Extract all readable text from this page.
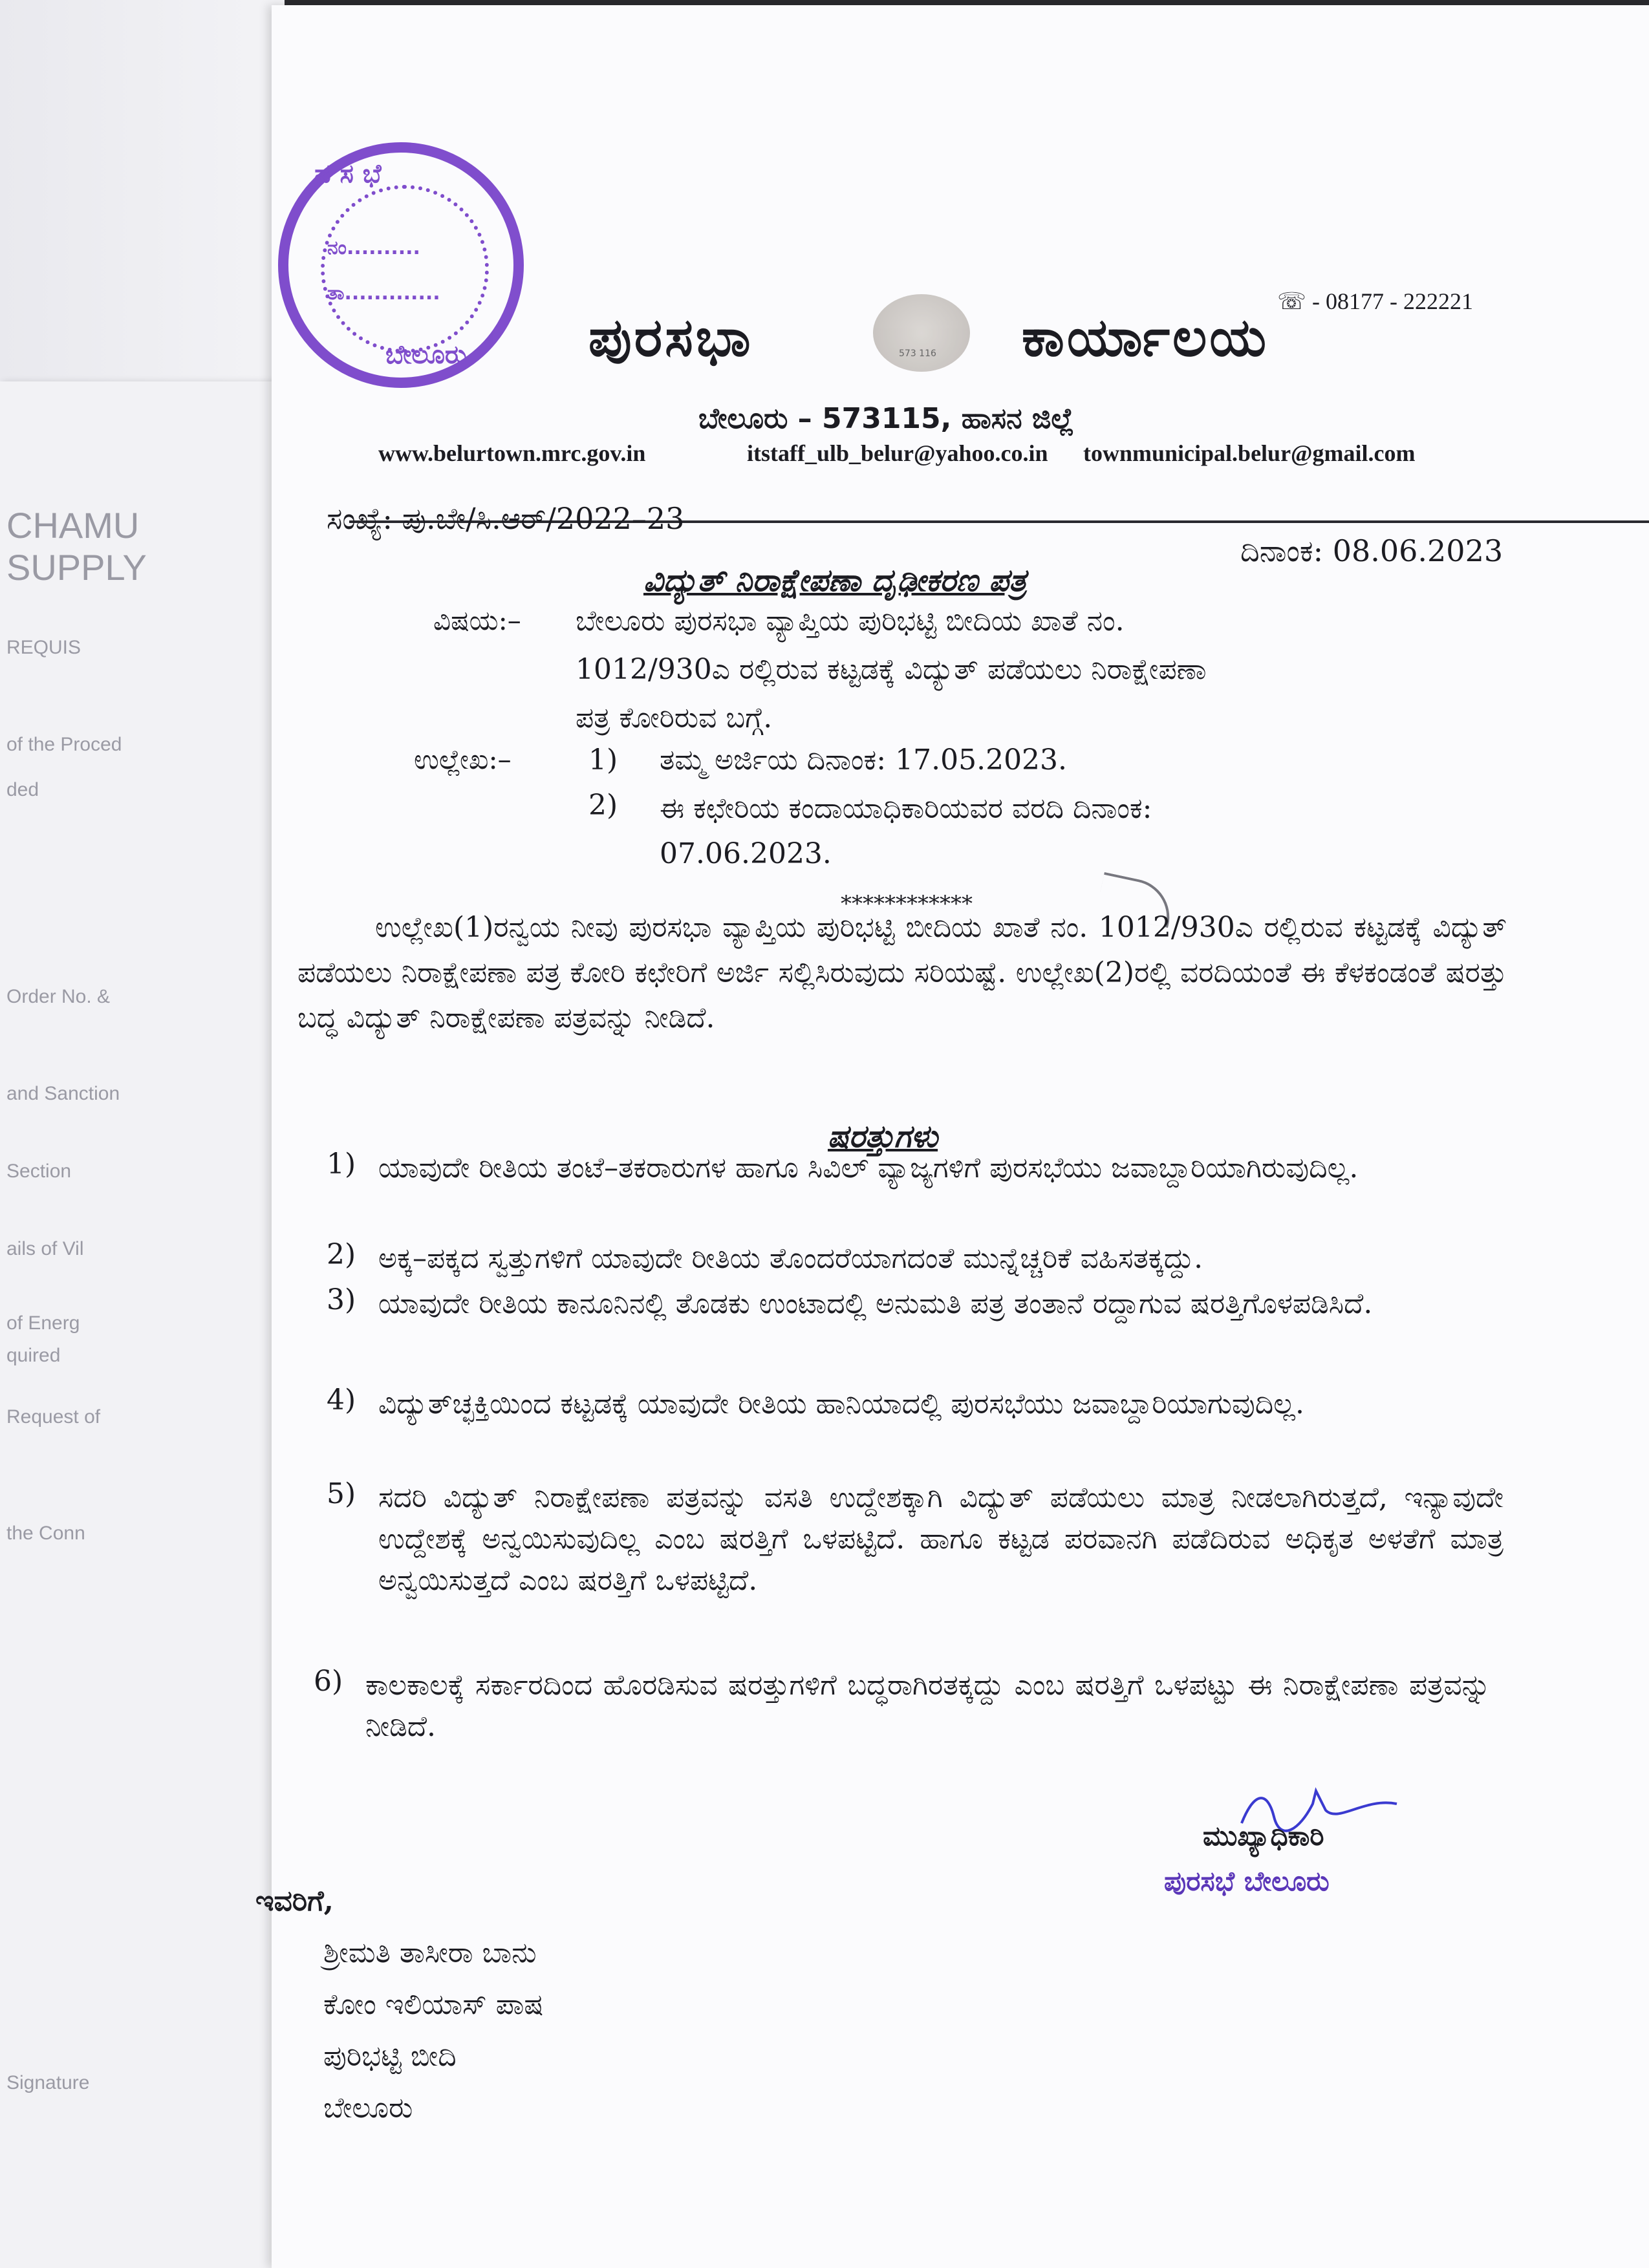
CHAMU
SUPPLY
REQUIS
of the Proced
ded
Order No. &
and Sanction
Section
ails of Vil
of Energ
quired
Request of
the Conn
Signature
ಪ ಸ ಭೆ
ನಂ..........
ತಾ.............
ಬೇಲೂರು
☏ - 08177 - 222221
ಪುರಸಭಾ	573 116 ಕಾರ್ಯಾಲಯ
ಬೇಲೂರು – 573115, ಹಾಸನ ಜಿಲ್ಲೆ
www.belurtown.mrc.gov.in	itstaff_ulb_belur@yahoo.co.in townmunicipal.belur@gmail.com
ಸಂಖ್ಯೆ: ಪು.ಬೇ/ಸಿ.ಆರ್/2022–23
ದಿನಾಂಕ: 08.06.2023
ವಿದ್ಯುತ್ ನಿರಾಕ್ಷೇಪಣಾ ದೃಢೀಕರಣ ಪತ್ರ
ವಿಷಯ:– ಬೇಲೂರು ಪುರಸಭಾ ವ್ಯಾಪ್ತಿಯ ಪುರಿಭಟ್ಟಿ ಬೀದಿಯ ಖಾತೆ ನಂ.
1012/930ಎ ರಲ್ಲಿರುವ ಕಟ್ಟಡಕ್ಕೆ ವಿದ್ಯುತ್ ಪಡೆಯಲು ನಿರಾಕ್ಷೇಪಣಾ
ಪತ್ರ ಕೋರಿರುವ ಬಗ್ಗೆ.
ಉಲ್ಲೇಖ:–	1) ತಮ್ಮ ಅರ್ಜಿಯ ದಿನಾಂಕ: 17.05.2023.
2) ಈ ಕಛೇರಿಯ ಕಂದಾಯಾಧಿಕಾರಿಯವರ ವರದಿ ದಿನಾಂಕ:
07.06.2023.
************
ಉಲ್ಲೇಖ(1)ರನ್ವಯ ನೀವು ಪುರಸಭಾ ವ್ಯಾಪ್ತಿಯ ಪುರಿಭಟ್ಟಿ ಬೀದಿಯ ಖಾತೆ ನಂ. 1012/930ಎ ರಲ್ಲಿರುವ ಕಟ್ಟಡಕ್ಕೆ ವಿದ್ಯುತ್ ಪಡೆಯಲು ನಿರಾಕ್ಷೇಪಣಾ ಪತ್ರ ಕೋರಿ ಕಛೇರಿಗೆ ಅರ್ಜಿ ಸಲ್ಲಿಸಿರುವುದು ಸರಿಯಷ್ಟೆ. ಉಲ್ಲೇಖ(2)ರಲ್ಲಿ ವರದಿಯಂತೆ ಈ ಕೆಳಕಂಡಂತೆ ಷರತ್ತು ಬದ್ಧ ವಿದ್ಯುತ್ ನಿರಾಕ್ಷೇಪಣಾ ಪತ್ರವನ್ನು ನೀಡಿದೆ.
ಷರತ್ತುಗಳು
1) ಯಾವುದೇ ರೀತಿಯ ತಂಟೆ–ತಕರಾರುಗಳ ಹಾಗೂ ಸಿವಿಲ್ ವ್ಯಾಜ್ಯಗಳಿಗೆ ಪುರಸಭೆಯು ಜವಾಬ್ದಾರಿಯಾಗಿರುವುದಿಲ್ಲ.
2) ಅಕ್ಕ–ಪಕ್ಕದ ಸ್ವತ್ತುಗಳಿಗೆ ಯಾವುದೇ ರೀತಿಯ ತೊಂದರೆಯಾಗದಂತೆ ಮುನ್ನೆಚ್ಚರಿಕೆ ವಹಿಸತಕ್ಕದ್ದು.
3) ಯಾವುದೇ ರೀತಿಯ ಕಾನೂನಿನಲ್ಲಿ ತೊಡಕು ಉಂಟಾದಲ್ಲಿ ಅನುಮತಿ ಪತ್ರ ತಂತಾನೆ ರದ್ದಾಗುವ ಷರತ್ತಿಗೊಳಪಡಿಸಿದೆ.
4) ವಿದ್ಯುತ್‌ಚ್ಛಕ್ತಿಯಿಂದ ಕಟ್ಟಡಕ್ಕೆ ಯಾವುದೇ ರೀತಿಯ ಹಾನಿಯಾದಲ್ಲಿ ಪುರಸಭೆಯು ಜವಾಬ್ದಾರಿಯಾಗುವುದಿಲ್ಲ.
5) ಸದರಿ ವಿದ್ಯುತ್ ನಿರಾಕ್ಷೇಪಣಾ ಪತ್ರವನ್ನು ವಸತಿ ಉದ್ದೇಶಕ್ಕಾಗಿ ವಿದ್ಯುತ್ ಪಡೆಯಲು ಮಾತ್ರ ನೀಡಲಾಗಿರುತ್ತದೆ, ಇನ್ಯಾವುದೇ ಉದ್ದೇಶಕ್ಕೆ ಅನ್ವಯಿಸುವುದಿಲ್ಲ ಎಂಬ ಷರತ್ತಿಗೆ ಒಳಪಟ್ಟಿದೆ. ಹಾಗೂ ಕಟ್ಟಡ ಪರವಾನಗಿ ಪಡೆದಿರುವ ಅಧಿಕೃತ ಅಳತೆಗೆ ಮಾತ್ರ ಅನ್ವಯಿಸುತ್ತದೆ ಎಂಬ ಷರತ್ತಿಗೆ ಒಳಪಟ್ಟಿದೆ.
6) ಕಾಲಕಾಲಕ್ಕೆ ಸರ್ಕಾರದಿಂದ ಹೊರಡಿಸುವ ಷರತ್ತುಗಳಿಗೆ ಬದ್ಧರಾಗಿರತಕ್ಕದ್ದು ಎಂಬ ಷರತ್ತಿಗೆ ಒಳಪಟ್ಟು ಈ ನಿರಾಕ್ಷೇಪಣಾ ಪತ್ರವನ್ನು ನೀಡಿದೆ.
ಮುಖ್ಯಾಧಿಕಾರಿ
ಪುರಸಭೆ ಬೇಲೂರು
ಇವರಿಗೆ,
ಶ್ರೀಮತಿ ತಾಸೀರಾ ಬಾನು
ಕೋಂ ಇಲಿಯಾಸ್ ಪಾಷ
ಪುರಿಭಟ್ಟಿ ಬೀದಿ
ಬೇಲೂರು
